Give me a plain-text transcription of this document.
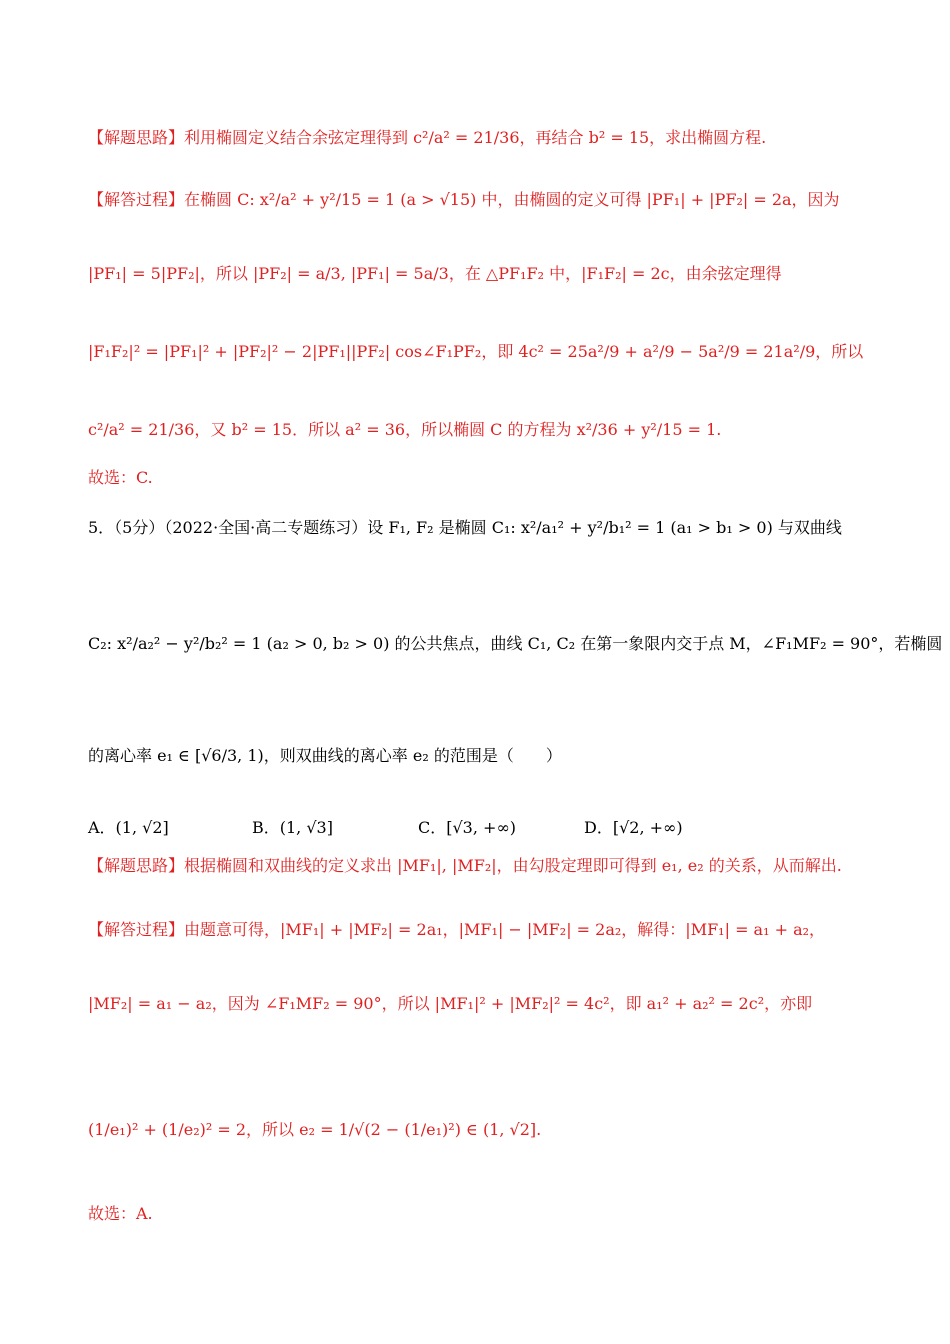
【解题思路】利用椭圆定义结合余弦定理得到 c²/a² = 21/36，再结合 b² = 15，求出椭圆方程.
【解答过程】在椭圆 C: x²/a² + y²/15 = 1 (a > √15) 中，由椭圆的定义可得 |PF₁| + |PF₂| = 2a，因为
|PF₁| = 5|PF₂|，所以 |PF₂| = a/3, |PF₁| = 5a/3，在 △PF₁F₂ 中，|F₁F₂| = 2c，由余弦定理得
|F₁F₂|² = |PF₁|² + |PF₂|² − 2|PF₁||PF₂| cos∠F₁PF₂，即 4c² = 25a²/9 + a²/9 − 5a²/9 = 21a²/9，所以
c²/a² = 21/36，又 b² = 15．所以 a² = 36，所以椭圆 C 的方程为 x²/36 + y²/15 = 1.
故选：C.
5．（5分）（2022·全国·高二专题练习）设 F₁, F₂ 是椭圆 C₁: x²/a₁² + y²/b₁² = 1 (a₁ > b₁ > 0) 与双曲线
C₂: x²/a₂² − y²/b₂² = 1 (a₂ > 0, b₂ > 0) 的公共焦点，曲线 C₁, C₂ 在第一象限内交于点 M，∠F₁MF₂ = 90°，若椭圆
的离心率 e₁ ∈ [√6/3, 1)，则双曲线的离心率 e₂ 的范围是（　　）
A．(1, √2]	B．(1, √3]	C．[√3, +∞)	D．[√2, +∞)
【解题思路】根据椭圆和双曲线的定义求出 |MF₁|, |MF₂|，由勾股定理即可得到 e₁, e₂ 的关系，从而解出.
【解答过程】由题意可得，|MF₁| + |MF₂| = 2a₁，|MF₁| − |MF₂| = 2a₂，解得：|MF₁| = a₁ + a₂，
|MF₂| = a₁ − a₂，因为 ∠F₁MF₂ = 90°，所以 |MF₁|² + |MF₂|² = 4c²，即 a₁² + a₂² = 2c²，亦即
(1/e₁)² + (1/e₂)² = 2，所以 e₂ = 1/√(2 − (1/e₁)²) ∈ (1, √2].
故选：A.
